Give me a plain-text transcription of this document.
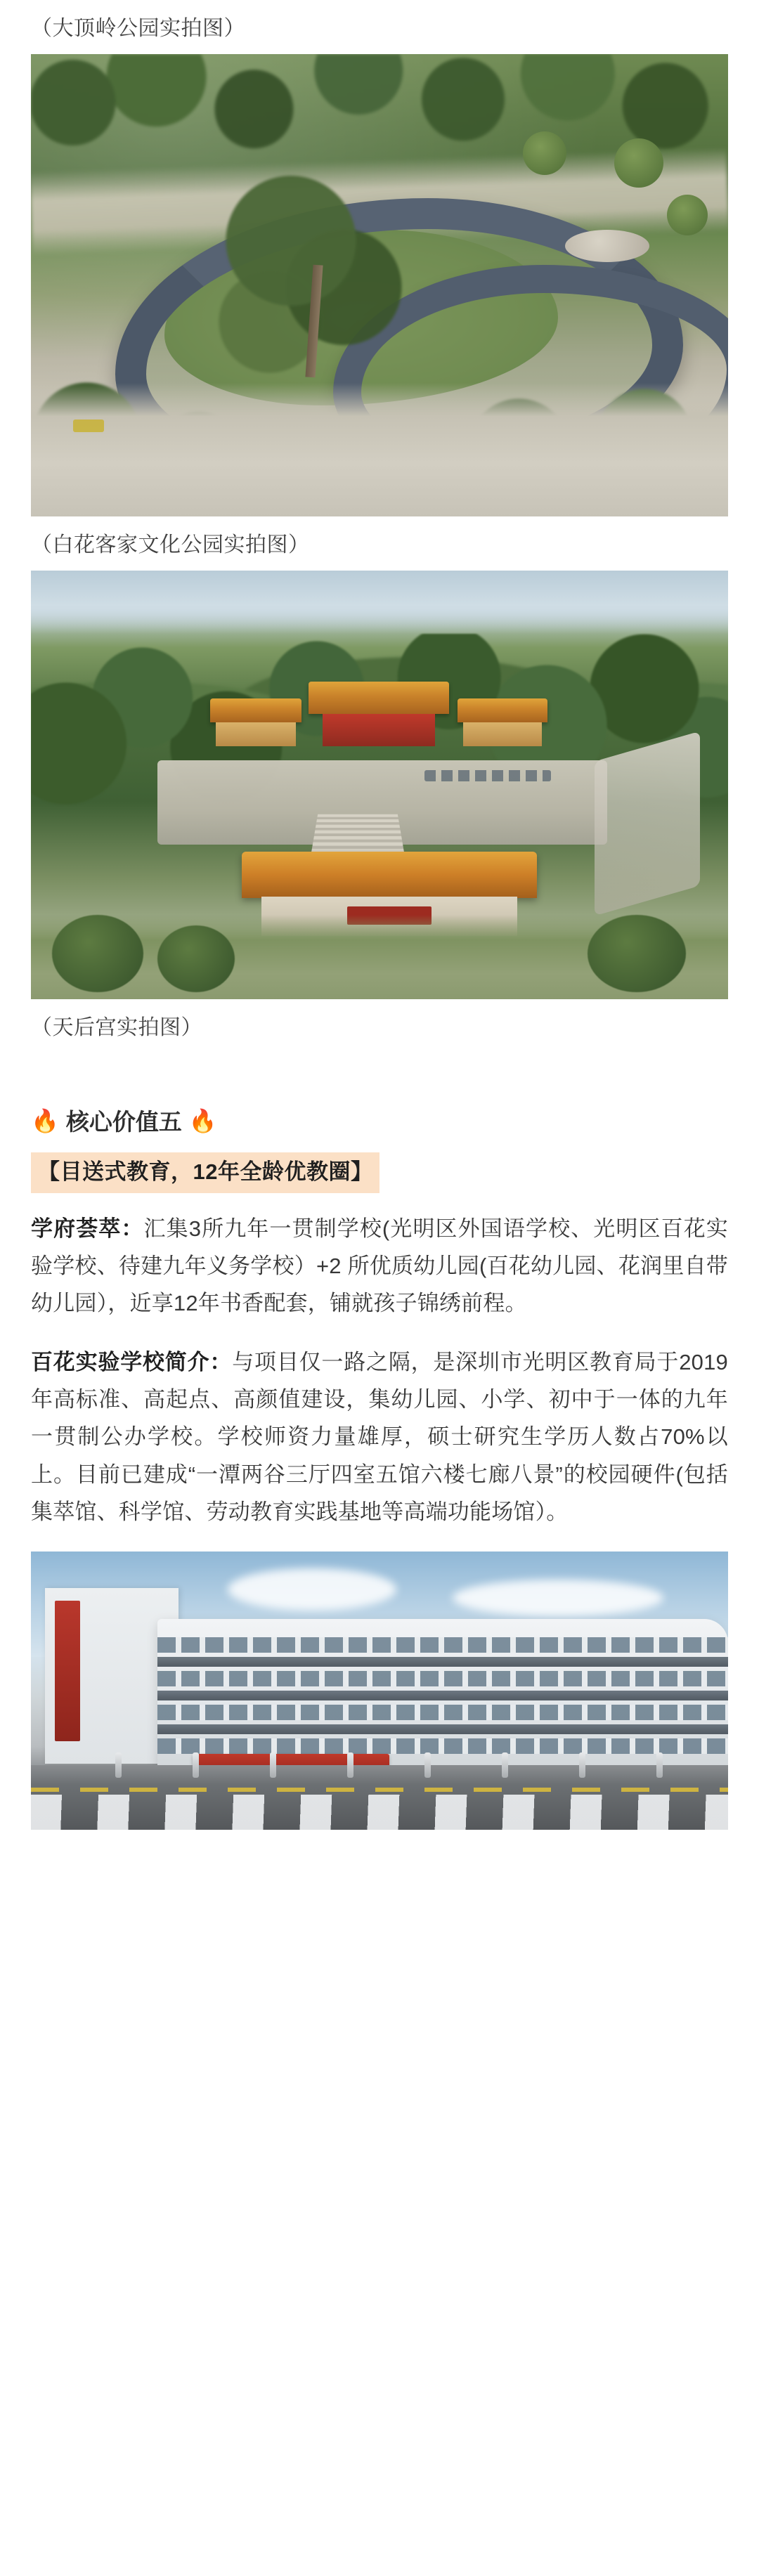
（大顶岭公园实拍图）
（白花客家文化公园实拍图）
（天后宫实拍图）
🔥 核心价值五 🔥
【目送式教育，12年全龄优教圈】

学府荟萃：汇集3所九年一贯制学校(光明区外国语学校、光明区百花实验学校、待建九年义务学校）+2 所优质幼儿园(百花幼儿园、花润里自带幼儿园），近享12年书香配套，铺就孩子锦绣前程。

百花实验学校简介：与项目仅一路之隔，是深圳市光明区教育局于2019年高标准、高起点、高颜值建设，集幼儿园、小学、初中于一体的九年一贯制公办学校。学校师资力量雄厚，硕士研究生学历人数占70%以上。目前已建成“一潭两谷三厅四室五馆六楼七廊八景”的校园硬件(包括集萃馆、科学馆、劳动教育实践基地等高端功能场馆）。
